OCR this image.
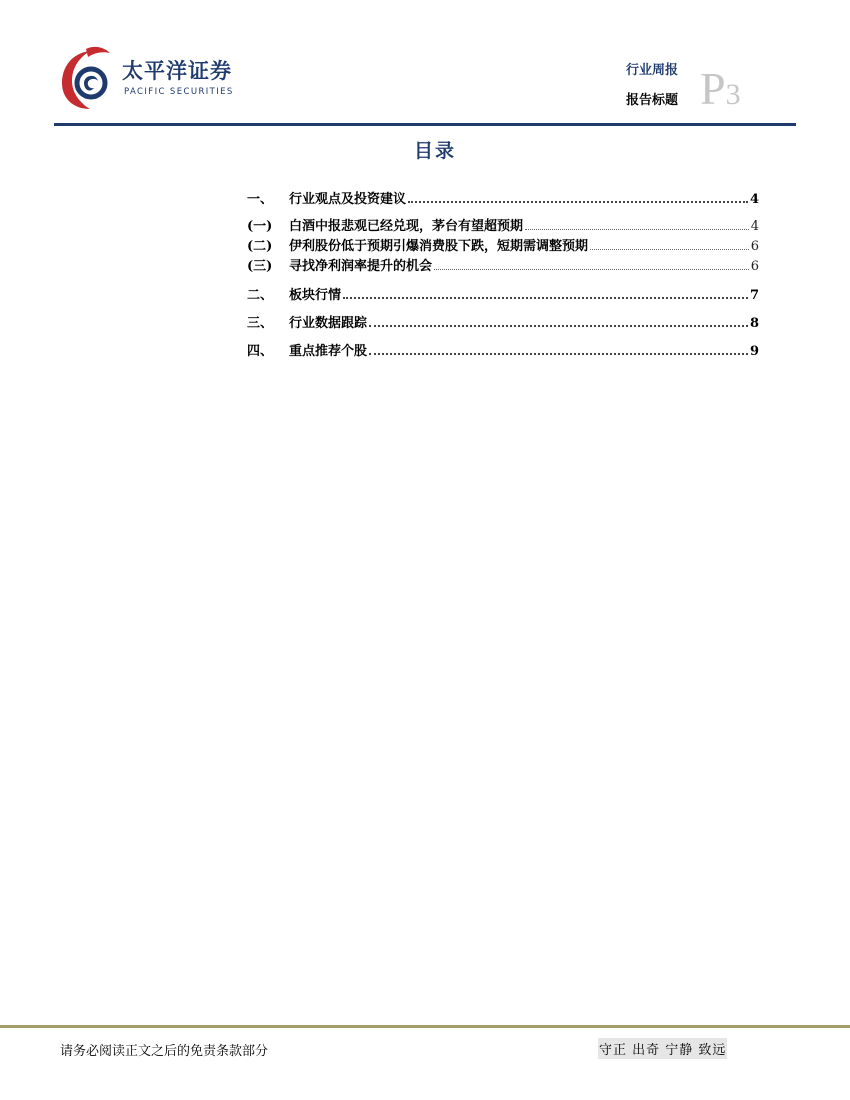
太平洋证券
PACIFIC SECURITIES
行业周报
报告标题 P3
目录
一、	行业观点及投资建议	4
(一)	白酒中报悲观已经兑现，茅台有望超预期	4
(二)	伊利股份低于预期引爆消费股下跌，短期需调整预期	6
(三)	寻找净利润率提升的机会	6
二、	板块行情	7
三、	行业数据跟踪	8
四、	重点推荐个股	9
请务必阅读正文之后的免责条款部分	守正 出奇 宁静 致远
